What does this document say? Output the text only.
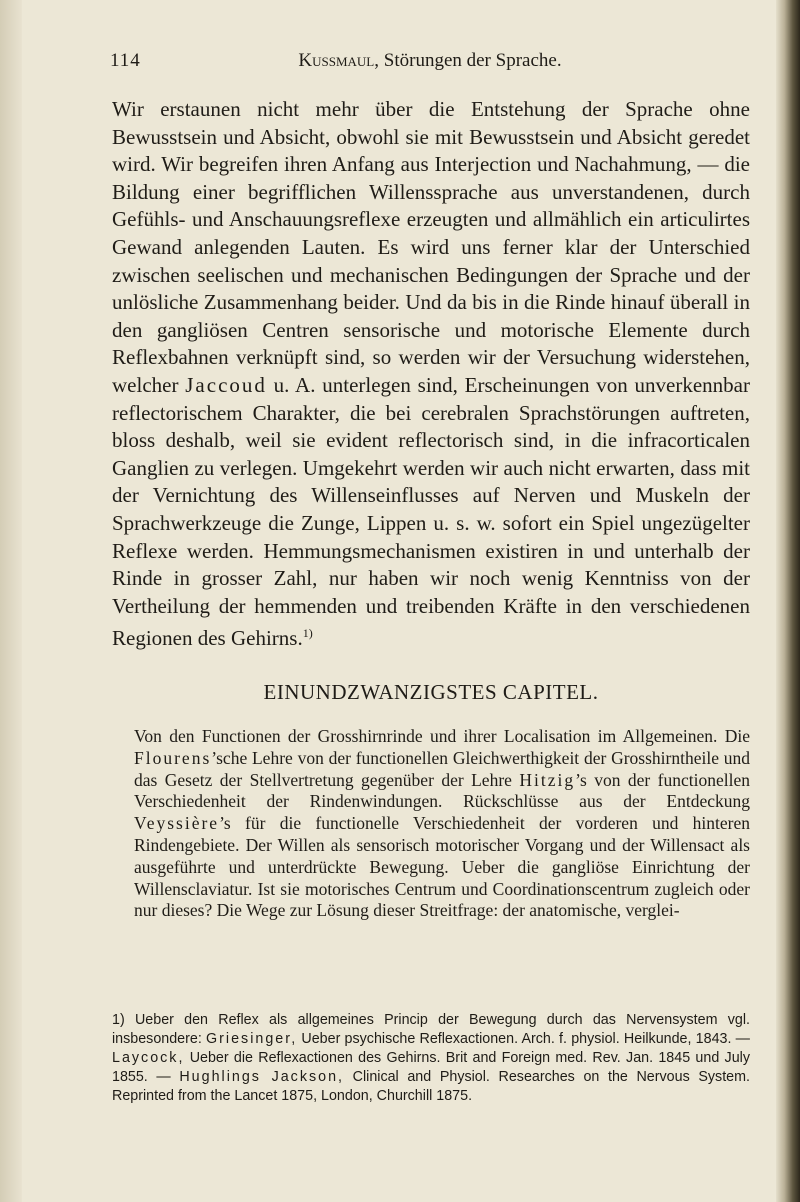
114	Kussmaul, Störungen der Sprache.

Wir erstaunen nicht mehr über die Entstehung der Sprache ohne Bewusstsein und Absicht, obwohl sie mit Bewusstsein und Absicht geredet wird. Wir begreifen ihren Anfang aus Interjection und Nachahmung, — die Bildung einer begrifflichen Willenssprache aus unverstandenen, durch Gefühls- und Anschauungsreflexe erzeugten und allmählich ein articulirtes Gewand anlegenden Lauten. Es wird uns ferner klar der Unterschied zwischen seelischen und mechanischen Bedingungen der Sprache und der unlösliche Zusammenhang beider. Und da bis in die Rinde hinauf überall in den gangliösen Centren sensorische und motorische Elemente durch Reflexbahnen verknüpft sind, so werden wir der Versuchung widerstehen, welcher Jaccoud u. A. unterlegen sind, Erscheinungen von unverkennbar reflectorischem Charakter, die bei cerebralen Sprachstörungen auftreten, bloss deshalb, weil sie evident reflectorisch sind, in die infracorticalen Ganglien zu verlegen. Umgekehrt werden wir auch nicht erwarten, dass mit der Vernichtung des Willenseinflusses auf Nerven und Muskeln der Sprachwerkzeuge die Zunge, Lippen u. s. w. sofort ein Spiel ungezügelter Reflexe werden. Hemmungsmechanismen existiren in und unterhalb der Rinde in grosser Zahl, nur haben wir noch wenig Kenntniss von der Vertheilung der hemmenden und treibenden Kräfte in den verschiedenen Regionen des Gehirns.$^{1)}$

EINUNDZWANZIGSTES CAPITEL.

Von den Functionen der Grosshirnrinde und ihrer Localisation im Allgemeinen. Die Flourens’sche Lehre von der functionellen Gleichwerthigkeit der Grosshirntheile und das Gesetz der Stellvertretung gegenüber der Lehre Hitzig’s von der functionellen Verschiedenheit der Rindenwindungen. Rückschlüsse aus der Entdeckung Veyssière’s für die functionelle Verschiedenheit der vorderen und hinteren Rindengebiete. Der Willen als sensorisch motorischer Vorgang und der Willensact als ausgeführte und unterdrückte Bewegung. Ueber die gangliöse Einrichtung der Willensclaviatur. Ist sie motorisches Centrum und Coordinationscentrum zugleich oder nur dieses? Die Wege zur Lösung dieser Streitfrage: der anatomische, verglei-

1) Ueber den Reflex als allgemeines Princip der Bewegung durch das Nervensystem vgl. insbesondere: Griesinger, Ueber psychische Reflexactionen. Arch. f. physiol. Heilkunde, 1843. — Laycock, Ueber die Reflexactionen des Gehirns. Brit and Foreign med. Rev. Jan. 1845 und July 1855. — Hughlings Jackson, Clinical and Physiol. Researches on the Nervous System. Reprinted from the Lancet 1875, London, Churchill 1875.
